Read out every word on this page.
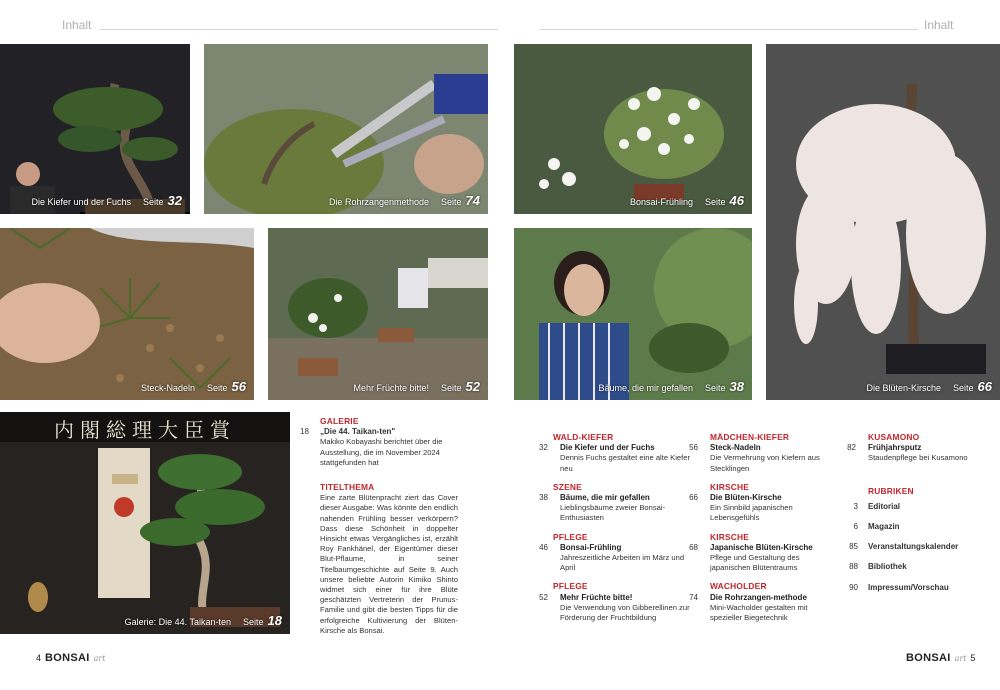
Inhalt	Inhalt
Die Kiefer und der Fuchs Seite 32	Die Rohrzangenmethode Seite 74	Bonsai-Frühling Seite 46
Die Blüten-Kirsche Seite 66
Steck-Nadeln Seite 56	Mehr Früchte bitte! Seite 52	Bäume, die mir gefallen Seite 38
内閣総理大臣賞
Galerie: Die 44. Taikan-ten Seite 18
GALERIE
18 „Die 44. Taikan-ten"
Makiko Kobayashi berichtet über die Ausstellung, die im November 2024 stattgefunden hat
TITELTHEMA
Eine zarte Blütenpracht ziert das Cover dieser Ausgabe: Was könnte den endlich nahenden Frühling besser verkörpern? Dass diese Schönheit in doppelter Hinsicht etwas Vergängliches ist, erzählt Roy Fankhänel, der Eigentümer dieser Blut-Pflaume, in seiner Titelbaumgeschichte auf Seite 9. Auch unsere beliebte Autorin Kimiko Shinto widmet sich einer für ihre Blüte geschätzten Vertreterin der Prunus-Familie und gibt die besten Tipps für die erfolgreiche Kultivierung der Blüten-Kirsche als Bonsai.
WALD-KIEFER
32 Die Kiefer und der Fuchs
Dennis Fuchs gestaltet eine alte Kiefer neu
SZENE
38 Bäume, die mir gefallen
Lieblingsbäume zweier Bonsai-Enthusiasten
PFLEGE
46 Bonsai-Frühling
Jahreszeitliche Arbeiten im März und April
PFLEGE
52 Mehr Früchte bitte!
Die Verwendung von Gibberellinen zur Förderung der Fruchtbildung
MÄDCHEN-KIEFER
56 Steck-Nadeln
Die Vermehrung von Kiefern aus Stecklingen
KIRSCHE
66 Die Blüten-Kirsche
Ein Sinnbild japanischen Lebensgefühls
KIRSCHE
68 Japanische Blüten-Kirsche
Pflege und Gestaltung des japanischen Blütentraums
WACHOLDER
74 Die Rohrzangen-methode
Mini-Wacholder gestalten mit spezieller Biegetechnik
KUSAMONO
82 Frühjahrsputz
Staudenpflege bei Kusamono
RUBRIKEN
3 Editorial
6 Magazin
85 Veranstaltungskalender
88 Bibliothek
90 Impressum/Vorschau
4 BONSAI art	BONSAI art 5
